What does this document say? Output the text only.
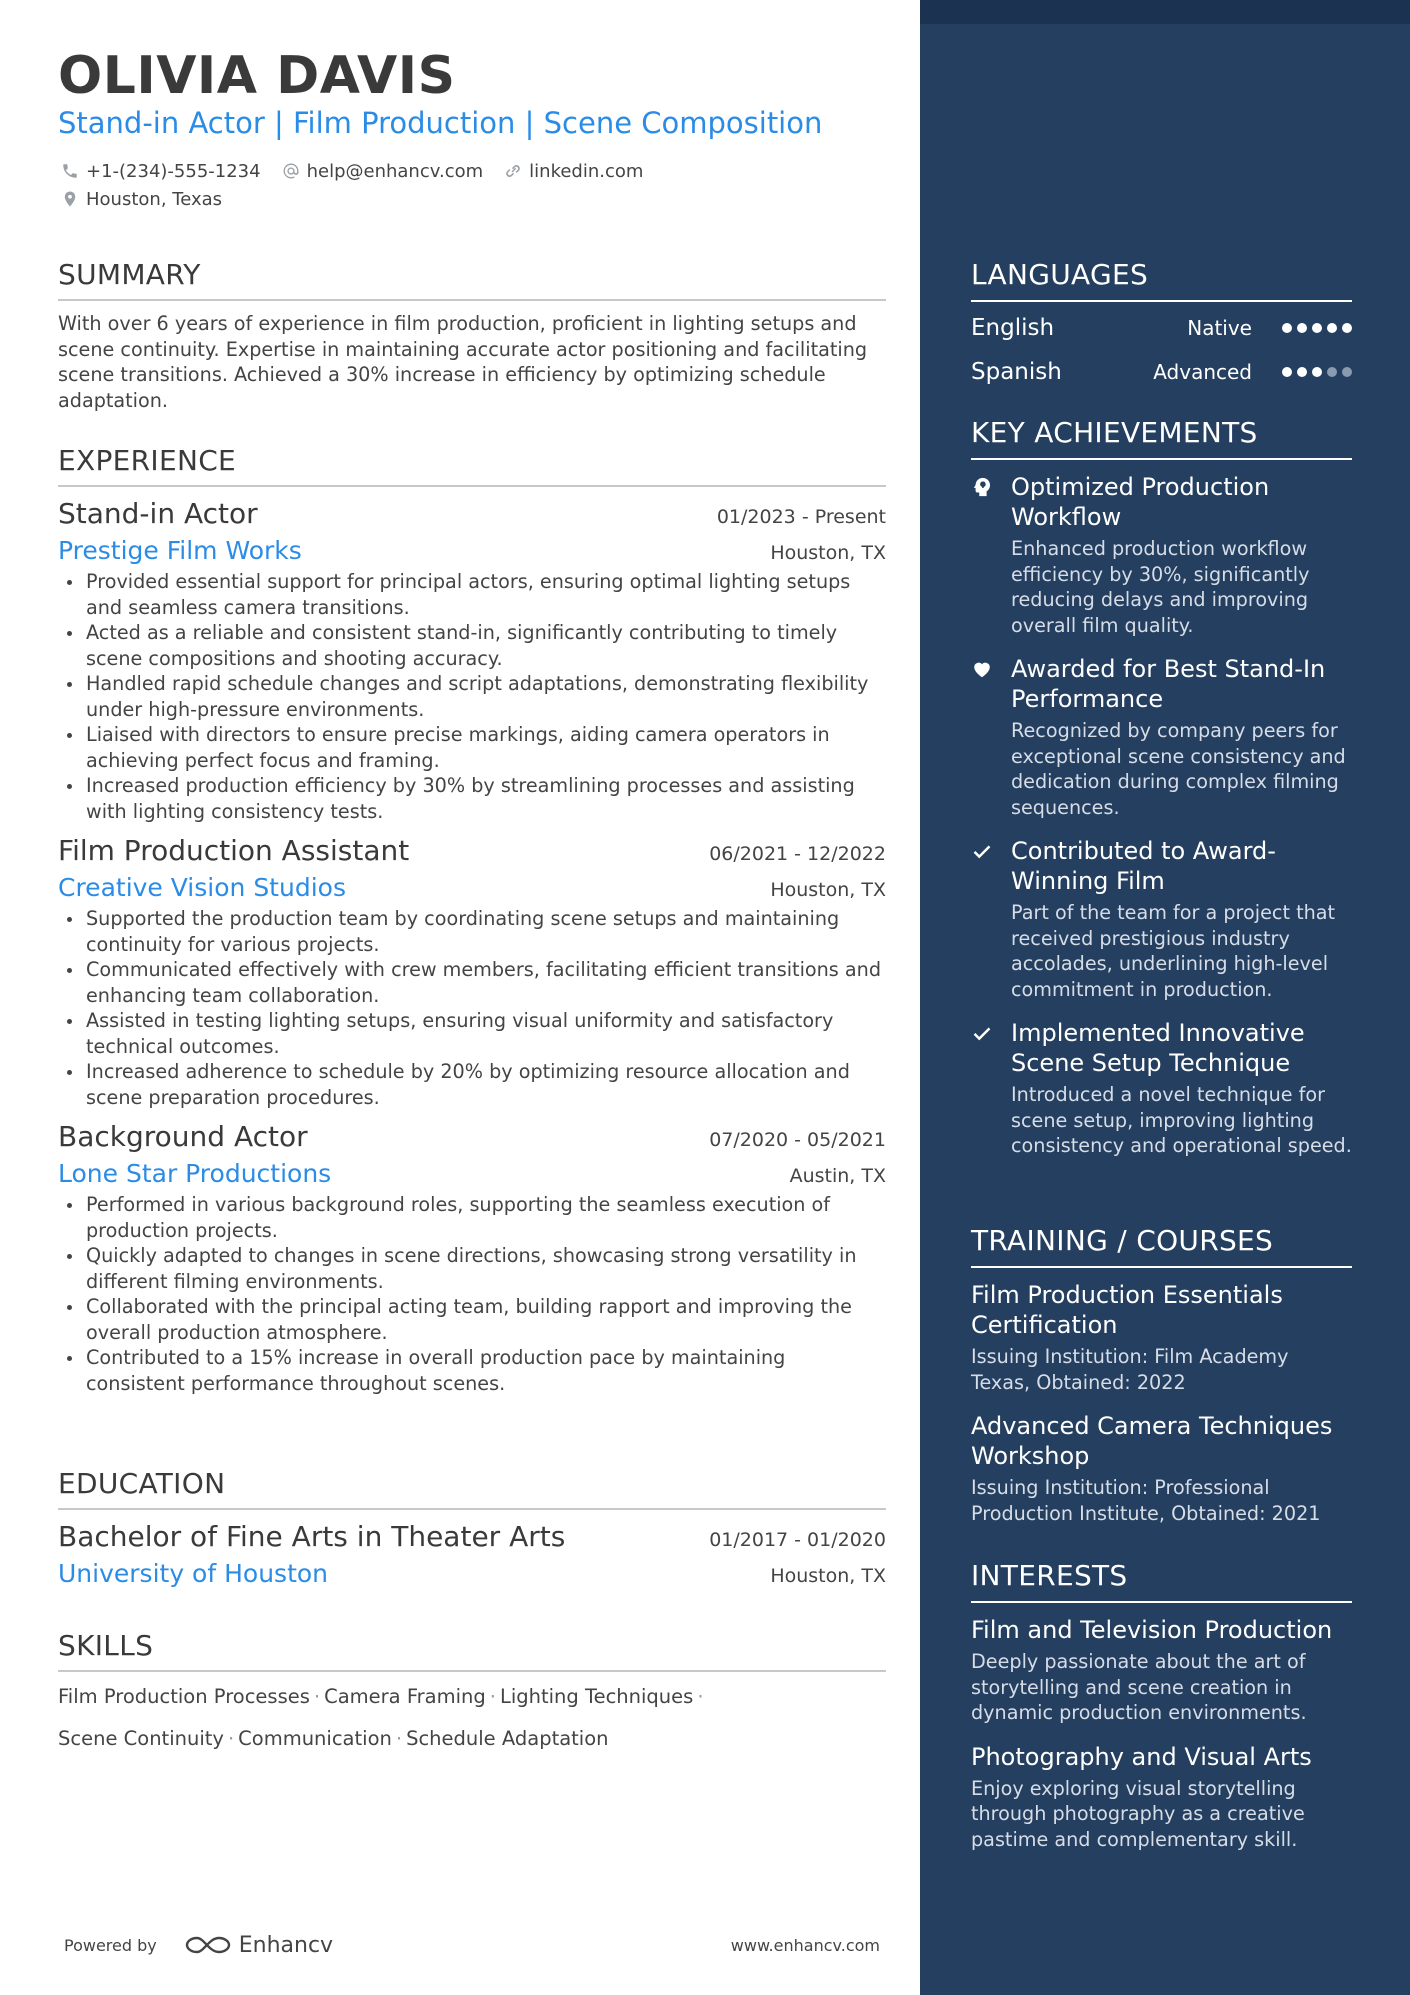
OLIVIA DAVIS
Stand-in Actor | Film Production | Scene Composition
+1-(234)-555-1234	help@enhancv.com	linkedin.com
Houston, Texas
SUMMARY
With over 6 years of experience in film production, proficient in lighting setups and scene continuity. Expertise in maintaining accurate actor positioning and facilitating scene transitions. Achieved a 30% increase in efficiency by optimizing schedule adaptation.
EXPERIENCE
Stand-in Actor	01/2023 - Present
Prestige Film Works	Houston, TX
Provided essential support for principal actors, ensuring optimal lighting setups and seamless camera transitions.
Acted as a reliable and consistent stand-in, significantly contributing to timely scene compositions and shooting accuracy.
Handled rapid schedule changes and script adaptations, demonstrating flexibility under high-pressure environments.
Liaised with directors to ensure precise markings, aiding camera operators in achieving perfect focus and framing.
Increased production efficiency by 30% by streamlining processes and assisting with lighting consistency tests.
Film Production Assistant	06/2021 - 12/2022
Creative Vision Studios	Houston, TX
Supported the production team by coordinating scene setups and maintaining continuity for various projects.
Communicated effectively with crew members, facilitating efficient transitions and enhancing team collaboration.
Assisted in testing lighting setups, ensuring visual uniformity and satisfactory technical outcomes.
Increased adherence to schedule by 20% by optimizing resource allocation and scene preparation procedures.
Background Actor	07/2020 - 05/2021
Lone Star Productions	Austin, TX
Performed in various background roles, supporting the seamless execution of production projects.
Quickly adapted to changes in scene directions, showcasing strong versatility in different filming environments.
Collaborated with the principal acting team, building rapport and improving the overall production atmosphere.
Contributed to a 15% increase in overall production pace by maintaining consistent performance throughout scenes.
EDUCATION
Bachelor of Fine Arts in Theater Arts	01/2017 - 01/2020
University of Houston	Houston, TX
SKILLS
Film Production Processes · Camera Framing · Lighting Techniques ·
Scene Continuity · Communication · Schedule Adaptation
Powered by	Enhancv	www.enhancv.com
LANGUAGES
English	Native
Spanish	Advanced
KEY ACHIEVEMENTS
Optimized Production Workflow
Enhanced production workflow efficiency by 30%, significantly reducing delays and improving overall film quality.
Awarded for Best Stand-In Performance
Recognized by company peers for exceptional scene consistency and dedication during complex filming sequences.
Contributed to Award-Winning Film
Part of the team for a project that received prestigious industry accolades, underlining high-level commitment in production.
Implemented Innovative Scene Setup Technique
Introduced a novel technique for scene setup, improving lighting consistency and operational speed.
TRAINING / COURSES
Film Production Essentials Certification
Issuing Institution: Film Academy Texas, Obtained: 2022
Advanced Camera Techniques Workshop
Issuing Institution: Professional Production Institute, Obtained: 2021
INTERESTS
Film and Television Production
Deeply passionate about the art of storytelling and scene creation in dynamic production environments.
Photography and Visual Arts
Enjoy exploring visual storytelling through photography as a creative pastime and complementary skill.
